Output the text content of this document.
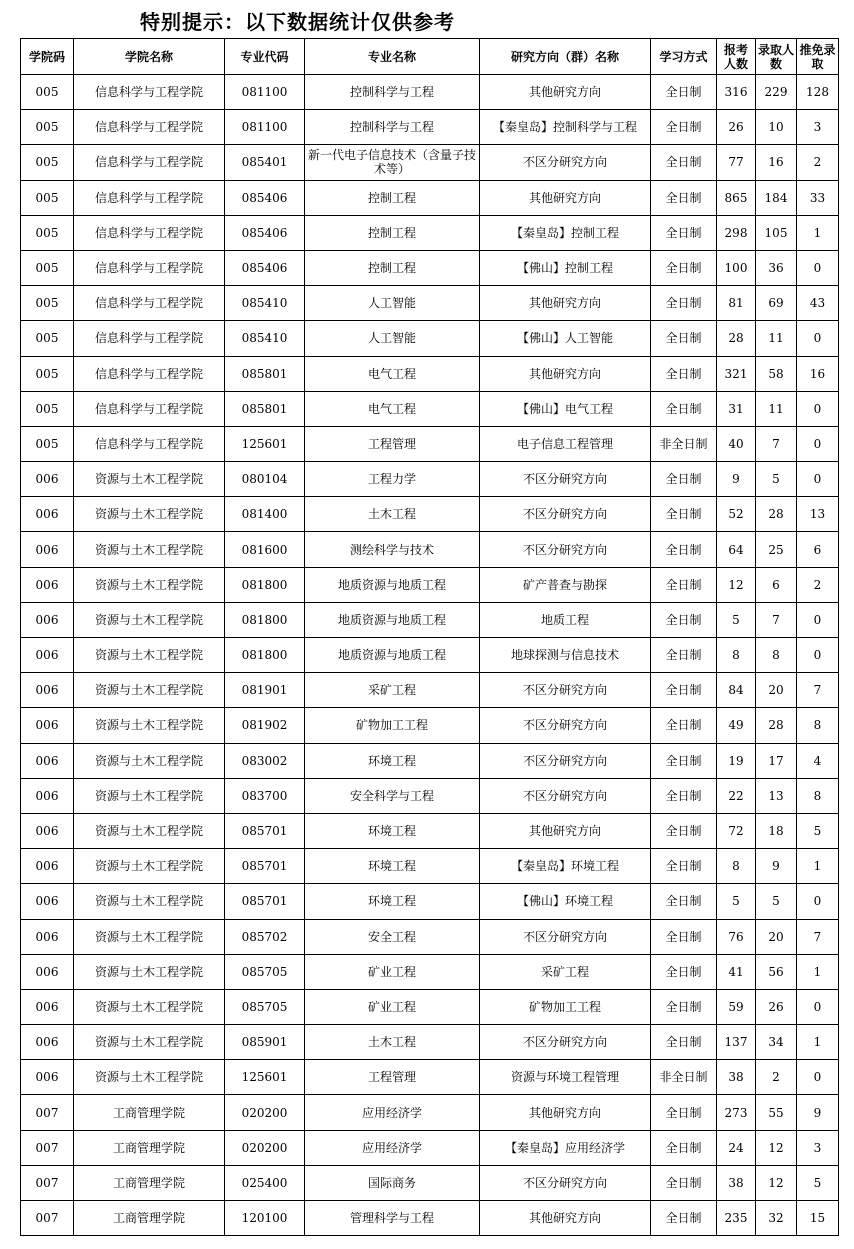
特别提示：以下数据统计仅供参考
学院码	学院名称	专业代码	专业名称	研究方向（群）名称	学习方式	报考人数	录取人数	推免录取
005	信息科学与工程学院	081100	控制科学与工程	其他研究方向	全日制	316	229	128
005	信息科学与工程学院	081100	控制科学与工程	【秦皇岛】控制科学与工程	全日制	26	10	3
005	信息科学与工程学院	085401	新一代电子信息技术（含量子技术等）	不区分研究方向	全日制	77	16	2
005	信息科学与工程学院	085406	控制工程	其他研究方向	全日制	865	184	33
005	信息科学与工程学院	085406	控制工程	【秦皇岛】控制工程	全日制	298	105	1
005	信息科学与工程学院	085406	控制工程	【佛山】控制工程	全日制	100	36	0
005	信息科学与工程学院	085410	人工智能	其他研究方向	全日制	81	69	43
005	信息科学与工程学院	085410	人工智能	【佛山】人工智能	全日制	28	11	0
005	信息科学与工程学院	085801	电气工程	其他研究方向	全日制	321	58	16
005	信息科学与工程学院	085801	电气工程	【佛山】电气工程	全日制	31	11	0
005	信息科学与工程学院	125601	工程管理	电子信息工程管理	非全日制	40	7	0
006	资源与土木工程学院	080104	工程力学	不区分研究方向	全日制	9	5	0
006	资源与土木工程学院	081400	土木工程	不区分研究方向	全日制	52	28	13
006	资源与土木工程学院	081600	测绘科学与技术	不区分研究方向	全日制	64	25	6
006	资源与土木工程学院	081800	地质资源与地质工程	矿产普查与勘探	全日制	12	6	2
006	资源与土木工程学院	081800	地质资源与地质工程	地质工程	全日制	5	7	0
006	资源与土木工程学院	081800	地质资源与地质工程	地球探测与信息技术	全日制	8	8	0
006	资源与土木工程学院	081901	采矿工程	不区分研究方向	全日制	84	20	7
006	资源与土木工程学院	081902	矿物加工工程	不区分研究方向	全日制	49	28	8
006	资源与土木工程学院	083002	环境工程	不区分研究方向	全日制	19	17	4
006	资源与土木工程学院	083700	安全科学与工程	不区分研究方向	全日制	22	13	8
006	资源与土木工程学院	085701	环境工程	其他研究方向	全日制	72	18	5
006	资源与土木工程学院	085701	环境工程	【秦皇岛】环境工程	全日制	8	9	1
006	资源与土木工程学院	085701	环境工程	【佛山】环境工程	全日制	5	5	0
006	资源与土木工程学院	085702	安全工程	不区分研究方向	全日制	76	20	7
006	资源与土木工程学院	085705	矿业工程	采矿工程	全日制	41	56	1
006	资源与土木工程学院	085705	矿业工程	矿物加工工程	全日制	59	26	0
006	资源与土木工程学院	085901	土木工程	不区分研究方向	全日制	137	34	1
006	资源与土木工程学院	125601	工程管理	资源与环境工程管理	非全日制	38	2	0
007	工商管理学院	020200	应用经济学	其他研究方向	全日制	273	55	9
007	工商管理学院	020200	应用经济学	【秦皇岛】应用经济学	全日制	24	12	3
007	工商管理学院	025400	国际商务	不区分研究方向	全日制	38	12	5
007	工商管理学院	120100	管理科学与工程	其他研究方向	全日制	235	32	15
